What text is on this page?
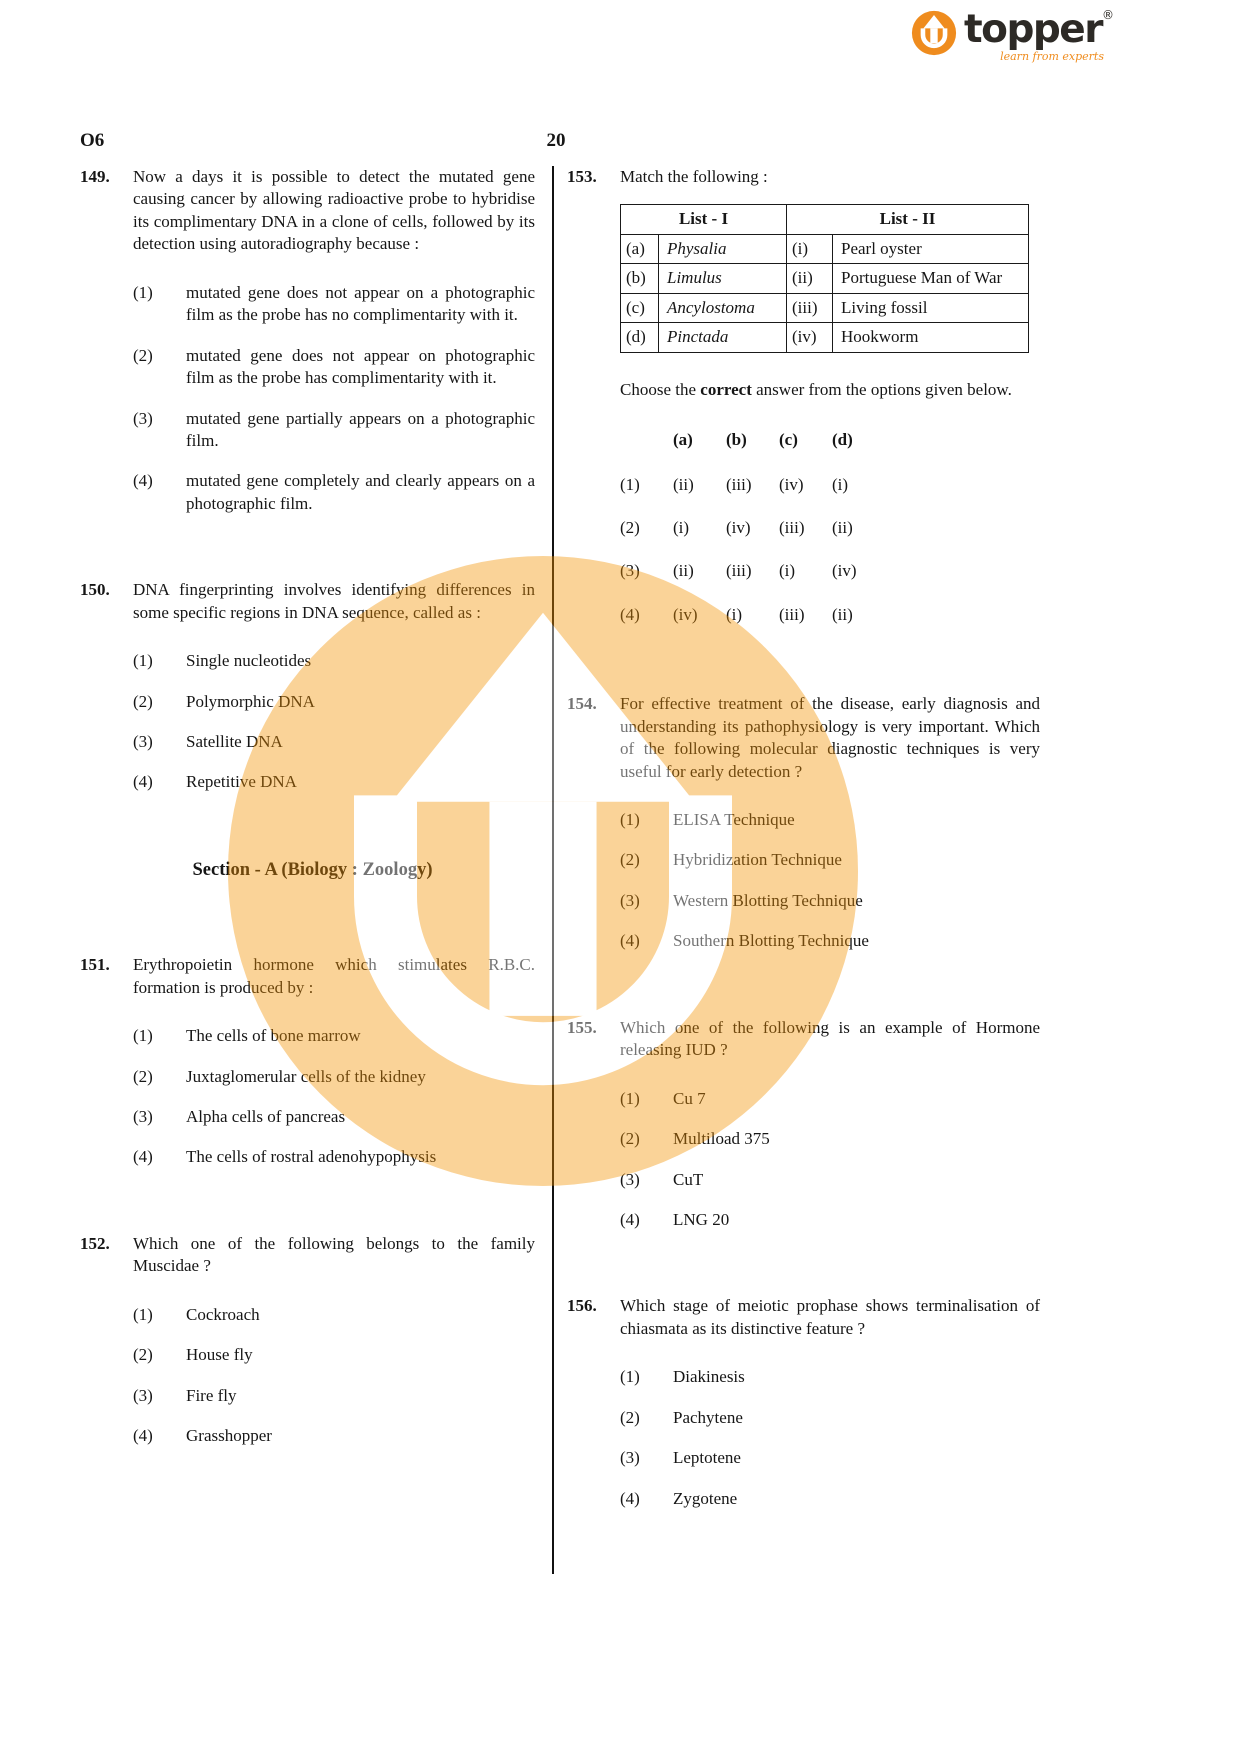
topper ®
learn from experts
O6	20
149.	Now a days it is possible to detect the mutated gene causing cancer by allowing radioactive probe to hybridise its complimentary DNA in a clone of cells, followed by its detection using autoradiography because :

(1)	mutated gene does not appear on a photographic film as the probe has no complimentarity with it.
(2)	mutated gene does not appear on photographic film as the probe has complimentarity with it.
(3)	mutated gene partially appears on a photographic film.
(4)	mutated gene completely and clearly appears on a photographic film.
150.	DNA fingerprinting involves identifying differences in some specific regions in DNA sequence, called as :

(1)	Single nucleotides
(2)	Polymorphic DNA
(3)	Satellite DNA
(4)	Repetitive DNA
Section - A (Biology : Zoology)
151.	Erythropoietin hormone which stimulates R.B.C. formation is produced by :

(1)	The cells of bone marrow
(2)	Juxtaglomerular cells of the kidney
(3)	Alpha cells of pancreas
(4)	The cells of rostral adenohypophysis
152.	Which one of the following belongs to the family Muscidae ?

(1)	Cockroach
(2)	House fly
(3)	Fire fly
(4)	Grasshopper
153.	Match the following :

List - I		List - II	
(a)	Physalia	(i)	Pearl oyster
(b)	Limulus	(ii)	Portuguese Man of War
(c)	Ancylostoma	(iii)	Living fossil
(d)	Pinctada	(iv)	Hookworm

Choose the correct answer from the options given below.

(a)	(b)	(c)	(d)
(1)	(ii)	(iii)	(iv)	(i)
(2)	(i)	(iv)	(iii)	(ii)
(3)	(ii)	(iii)	(i)	(iv)
(4)	(iv)	(i)	(iii)	(ii)
154.	For effective treatment of the disease, early diagnosis and understanding its pathophysiology is very important. Which of the following molecular diagnostic techniques is very useful for early detection ?

(1)	ELISA Technique
(2)	Hybridization Technique
(3)	Western Blotting Technique
(4)	Southern Blotting Technique
155.	Which one of the following is an example of Hormone releasing IUD ?

(1)	Cu 7
(2)	Multiload 375
(3)	CuT
(4)	LNG 20
156.	Which stage of meiotic prophase shows terminalisation of chiasmata as its distinctive feature ?

(1)	Diakinesis
(2)	Pachytene
(3)	Leptotene
(4)	Zygotene
